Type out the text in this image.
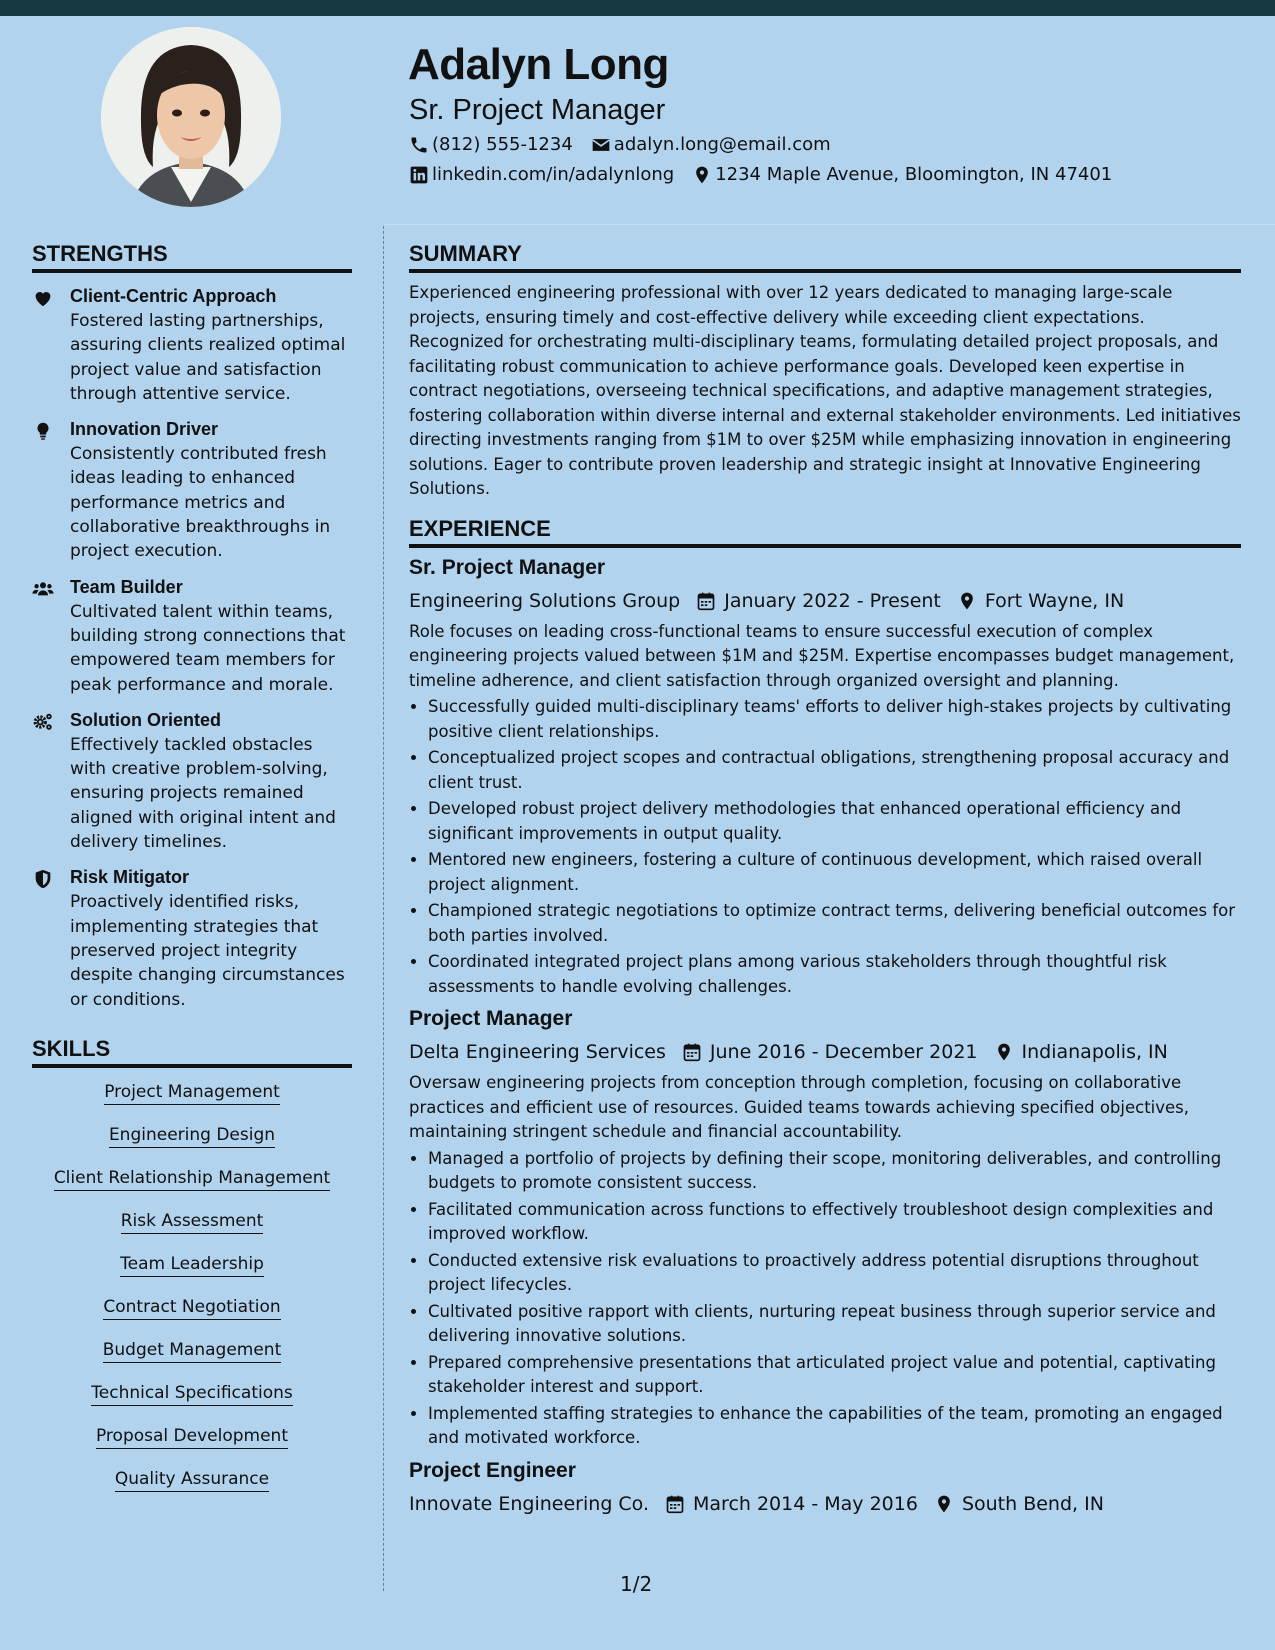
Adalyn Long
Sr. Project Manager
(812) 555-1234 adalyn.long@email.com
linkedin.com/in/adalynlong 1234 Maple Avenue, Bloomington, IN 47401
STRENGTHS
Client-Centric Approach
Fostered lasting partnerships, assuring clients realized optimal project value and satisfaction through attentive service.
Innovation Driver
Consistently contributed fresh ideas leading to enhanced performance metrics and collaborative breakthroughs in project execution.
Team Builder
Cultivated talent within teams, building strong connections that empowered team members for peak performance and morale.
Solution Oriented
Effectively tackled obstacles with creative problem-solving, ensuring projects remained aligned with original intent and delivery timelines.
Risk Mitigator
Proactively identified risks, implementing strategies that preserved project integrity despite changing circumstances or conditions.
SKILLS
Project Management
Engineering Design
Client Relationship Management
Risk Assessment
Team Leadership
Contract Negotiation
Budget Management
Technical Specifications
Proposal Development
Quality Assurance
SUMMARY

Experienced engineering professional with over 12 years dedicated to managing large-scale projects, ensuring timely and cost-effective delivery while exceeding client expectations. Recognized for orchestrating multi-disciplinary teams, formulating detailed project proposals, and facilitating robust communication to achieve performance goals. Developed keen expertise in contract negotiations, overseeing technical specifications, and adaptive management strategies, fostering collaboration within diverse internal and external stakeholder environments. Led initiatives directing investments ranging from $1M to over $25M while emphasizing innovation in engineering solutions. Eager to contribute proven leadership and strategic insight at Innovative Engineering Solutions.

EXPERIENCE
Sr. Project Manager
Engineering Solutions Group January 2022 - Present Fort Wayne, IN

Role focuses on leading cross-functional teams to ensure successful execution of complex engineering projects valued between $1M and $25M. Expertise encompasses budget management, timeline adherence, and client satisfaction through organized oversight and planning.

• Successfully guided multi-disciplinary teams' efforts to deliver high-stakes projects by cultivating positive client relationships.
• Conceptualized project scopes and contractual obligations, strengthening proposal accuracy and client trust.
• Developed robust project delivery methodologies that enhanced operational efficiency and significant improvements in output quality.
• Mentored new engineers, fostering a culture of continuous development, which raised overall project alignment.
• Championed strategic negotiations to optimize contract terms, delivering beneficial outcomes for both parties involved.
• Coordinated integrated project plans among various stakeholders through thoughtful risk assessments to handle evolving challenges.
Project Manager
Delta Engineering Services June 2016 - December 2021 Indianapolis, IN

Oversaw engineering projects from conception through completion, focusing on collaborative practices and efficient use of resources. Guided teams towards achieving specified objectives, maintaining stringent schedule and financial accountability.

• Managed a portfolio of projects by defining their scope, monitoring deliverables, and controlling budgets to promote consistent success.
• Facilitated communication across functions to effectively troubleshoot design complexities and improved workflow.
• Conducted extensive risk evaluations to proactively address potential disruptions throughout project lifecycles.
• Cultivated positive rapport with clients, nurturing repeat business through superior service and delivering innovative solutions.
• Prepared comprehensive presentations that articulated project value and potential, captivating stakeholder interest and support.
• Implemented staffing strategies to enhance the capabilities of the team, promoting an engaged and motivated workforce.
Project Engineer
Innovate Engineering Co. March 2014 - May 2016 South Bend, IN
1/2
